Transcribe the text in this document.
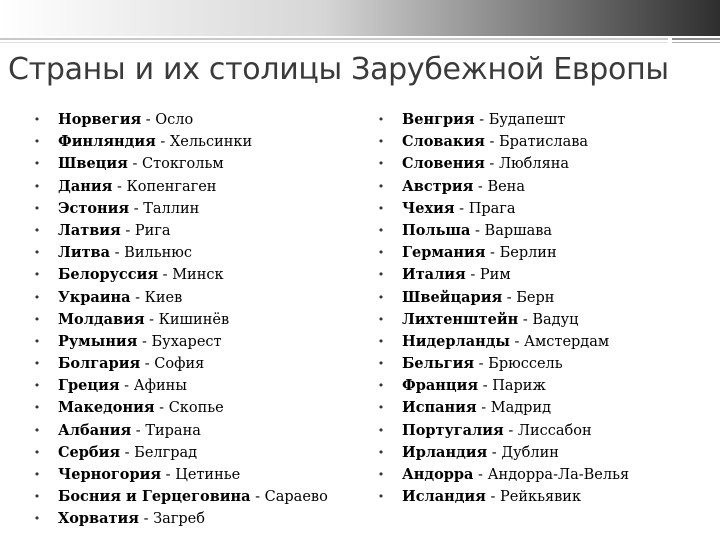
Страны и их столицы Зарубежной Европы
• Норвегия - Осло
• Финляндия - Хельсинки
• Швеция - Стокгольм
• Дания - Копенгаген
• Эстония - Таллин
• Латвия - Рига
• Литва - Вильнюс
• Белоруссия - Минск
• Украина - Киев
• Молдавия - Кишинёв
• Румыния - Бухарест
• Болгария - София
• Греция - Афины
• Македония - Скопье
• Албания - Тирана
• Сербия - Белград
• Черногория - Цетинье
• Босния и Герцеговина - Сараево
• Хорватия - Загреб
• Венгрия - Будапешт
• Словакия - Братислава
• Словения - Любляна
• Австрия - Вена
• Чехия - Прага
• Польша - Варшава
• Германия - Берлин
• Италия - Рим
• Швейцария - Берн
• Лихтенштейн - Вадуц
• Нидерланды - Амстердам
• Бельгия - Брюссель
• Франция - Париж
• Испания - Мадрид
• Португалия - Лиссабон
• Ирландия - Дублин
• Андорра - Андорра-Ла-Велья
• Исландия - Рейкьявик
